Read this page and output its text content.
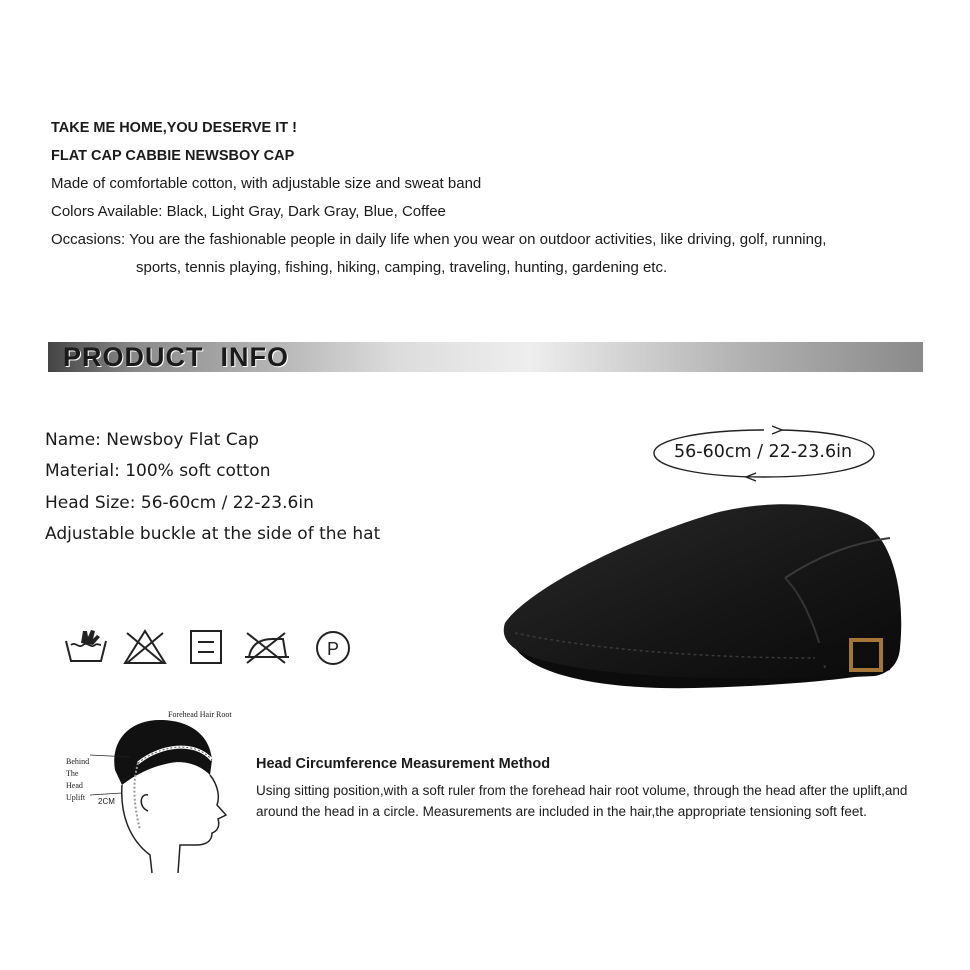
TAKE ME HOME,YOU DESERVE IT !
FLAT CAP CABBIE NEWSBOY CAP
Made of comfortable cotton, with adjustable size and sweat band
Colors Available: Black, Light Gray, Dark Gray, Blue, Coffee
Occasions: You are the fashionable people in daily life when you wear on outdoor activities, like driving, golf, running,
sports, tennis playing, fishing, hiking, camping, traveling, hunting, gardening etc.
PRODUCT  INFO
Name: Newsboy Flat Cap
Material: 100% soft cotton
Head Size: 56-60cm / 22-23.6in
Adjustable buckle at the side of the hat
56-60cm / 22-23.6in
P
Forehead Hair Root
Behind
The
Head
Uplift 2CM
Head Circumference Measurement Method
Using sitting position,with a soft ruler from the forehead hair root volume, through the head after the uplift,and around the head in a circle. Measurements are included in the hair,the appropriate tensioning soft feet.
